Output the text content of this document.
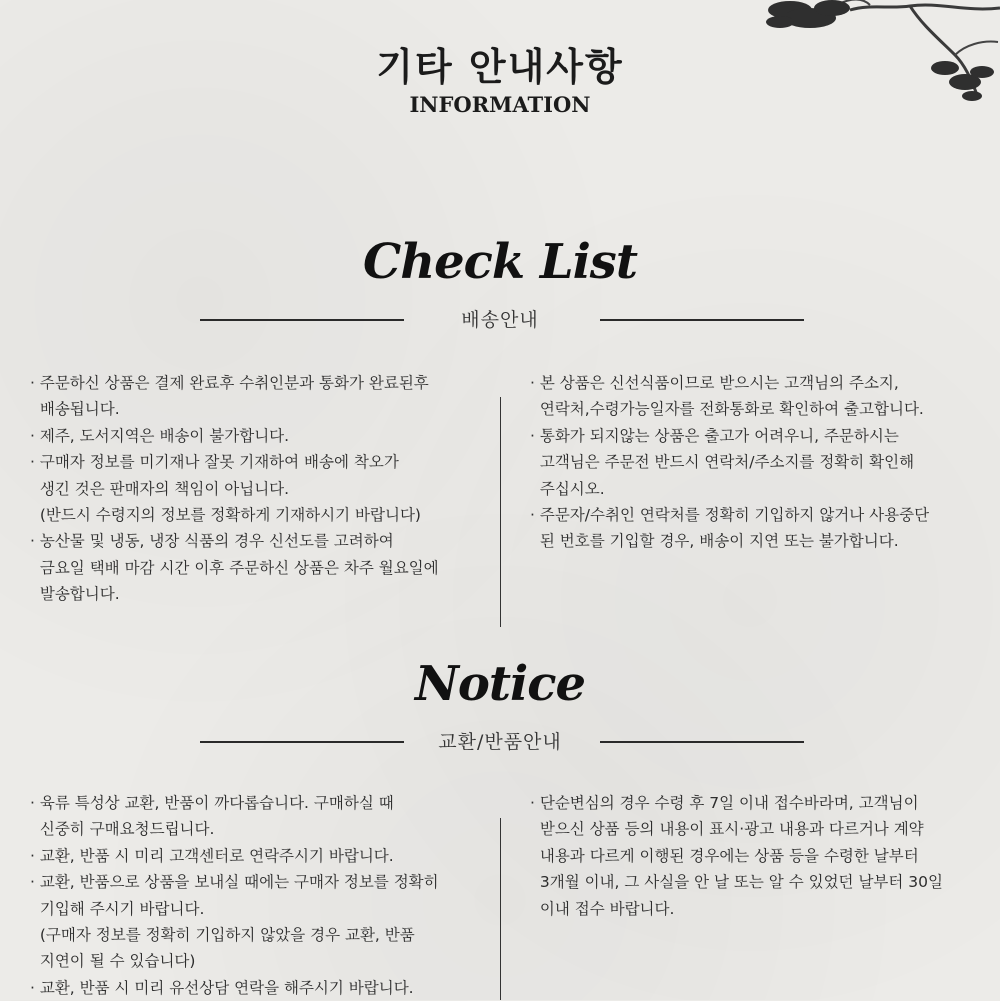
기타 안내사항
INFORMATION
Check List
배송안내
· 주문하신 상품은 결제 완료후 수취인분과 통화가 완료된후
배송됩니다.
· 제주, 도서지역은 배송이 불가합니다.
· 구매자 정보를 미기재나 잘못 기재하여 배송에 착오가
생긴 것은 판매자의 책임이 아닙니다.
(반드시 수령지의 정보를 정확하게 기재하시기 바랍니다)
· 농산물 및 냉동, 냉장 식품의 경우 신선도를 고려하여
금요일 택배 마감 시간 이후 주문하신 상품은 차주 월요일에
발송합니다.
· 본 상품은 신선식품이므로 받으시는 고객님의 주소지,
연락처,수령가능일자를 전화통화로 확인하여 출고합니다.
· 통화가 되지않는 상품은 출고가 어려우니, 주문하시는
고객님은 주문전 반드시 연락처/주소지를 정확히 확인해
주십시오.
· 주문자/수취인 연락처를 정확히 기입하지 않거나 사용중단
된 번호를 기입할 경우, 배송이 지연 또는 불가합니다.
Notice
교환/반품안내
· 육류 특성상 교환, 반품이 까다롭습니다. 구매하실 때
신중히 구매요청드립니다.
· 교환, 반품 시 미리 고객센터로 연락주시기 바랍니다.
· 교환, 반품으로 상품을 보내실 때에는 구매자 정보를 정확히
기입해 주시기 바랍니다.
(구매자 정보를 정확히 기입하지 않았을 경우 교환, 반품
지연이 될 수 있습니다)
· 교환, 반품 시 미리 유선상담 연락을 해주시기 바랍니다.
· 단순변심의 경우 수령 후 7일 이내 접수바라며, 고객님이
받으신 상품 등의 내용이 표시·광고 내용과 다르거나 계약
내용과 다르게 이행된 경우에는 상품 등을 수령한 날부터
3개월 이내, 그 사실을 안 날 또는 알 수 있었던 날부터 30일
이내 접수 바랍니다.
